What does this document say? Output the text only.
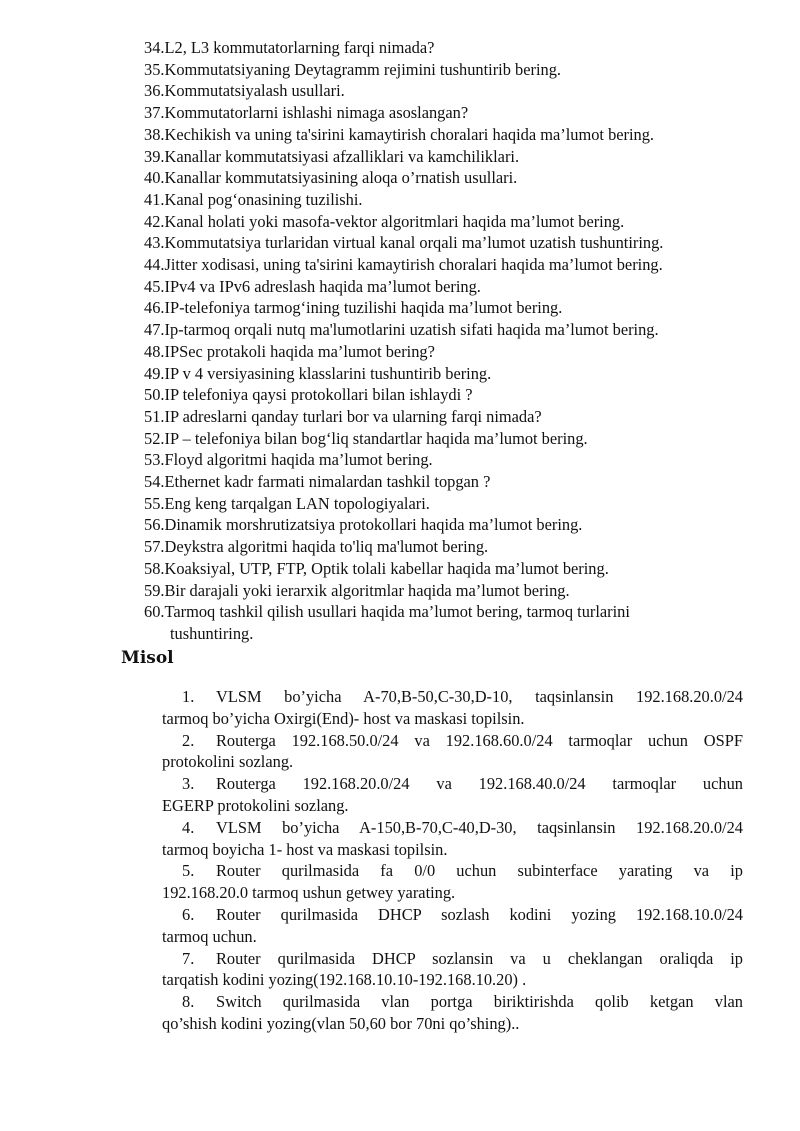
34.L2, L3 kommutatorlarning farqi nimada?
35.Kommutatsiyaning Deytagramm rejimini tushuntirib bering.
36.Kommutatsiyalash usullari.
37.Kommutatorlarni ishlashi nimaga asoslangan?
38.Kechikish va uning ta'sirini kamaytirish choralari haqida ma’lumot bering.
39.Kanallar kommutatsiyasi afzalliklari va kamchiliklari.
40.Kanallar kommutatsiyasining aloqa o’rnatish usullari.
41.Kanal pog‘onasining tuzilishi.
42.Kanal holati yoki masofa-vektor algoritmlari haqida ma’lumot bering.
43.Kommutatsiya turlaridan virtual kanal orqali ma’lumot uzatish tushuntiring.
44.Jitter xodisasi, uning ta'sirini kamaytirish choralari haqida ma’lumot bering.
45.IPv4 va IPv6 adreslash haqida ma’lumot bering.
46.IP-telefoniya tarmog‘ining tuzilishi haqida ma’lumot bering.
47.Ip-tarmoq orqali nutq ma'lumotlarini uzatish sifati haqida ma’lumot bering.
48.IPSec protakoli haqida ma’lumot bering?
49.IP v 4 versiyasining klasslarini tushuntirib bering.
50.IP telefoniya qaysi protokollari bilan ishlaydi ?
51.IP adreslarni qanday turlari bor va ularning farqi nimada?
52.IP – telefoniya bilan bog‘liq standartlar haqida ma’lumot bering.
53.Floyd algoritmi haqida ma’lumot bering.
54.Ethernet kadr farmati nimalardan tashkil topgan ?
55.Eng keng tarqalgan LAN topologiyalari.
56.Dinamik morshrutizatsiya protokollari haqida ma’lumot bering.
57.Deykstra algoritmi haqida to'liq ma'lumot bering.
58.Koaksiyal, UTP, FTP, Optik tolali kabellar haqida ma’lumot bering.
59.Bir darajali yoki ierarxik algoritmlar haqida ma’lumot bering.
60.Tarmoq tashkil qilish usullari haqida ma’lumot bering, tarmoq turlarini
tushuntiring.
Misol
1. VLSM bo’yicha A-70,B-50,C-30,D-10, taqsinlansin 192.168.20.0/24
tarmoq bo’yicha Oxirgi(End)- host va maskasi topilsin.
2. Routerga 192.168.50.0/24 va 192.168.60.0/24 tarmoqlar uchun OSPF
protokolini sozlang.
3. Routerga 192.168.20.0/24 va 192.168.40.0/24 tarmoqlar uchun
EGERP protokolini sozlang.
4. VLSM bo’yicha A-150,B-70,C-40,D-30, taqsinlansin 192.168.20.0/24
tarmoq boyicha 1- host va maskasi topilsin.
5. Router qurilmasida fa 0/0 uchun subinterface yarating va ip
192.168.20.0 tarmoq ushun getwey yarating.
6. Router qurilmasida DHCP sozlash kodini yozing 192.168.10.0/24
tarmoq uchun.
7. Router qurilmasida DHCP sozlansin va u cheklangan oraliqda ip
tarqatish kodini yozing(192.168.10.10-192.168.10.20) .
8. Switch qurilmasida vlan portga biriktirishda qolib ketgan vlan
qo’shish kodini yozing(vlan 50,60 bor 70ni qo’shing)..
